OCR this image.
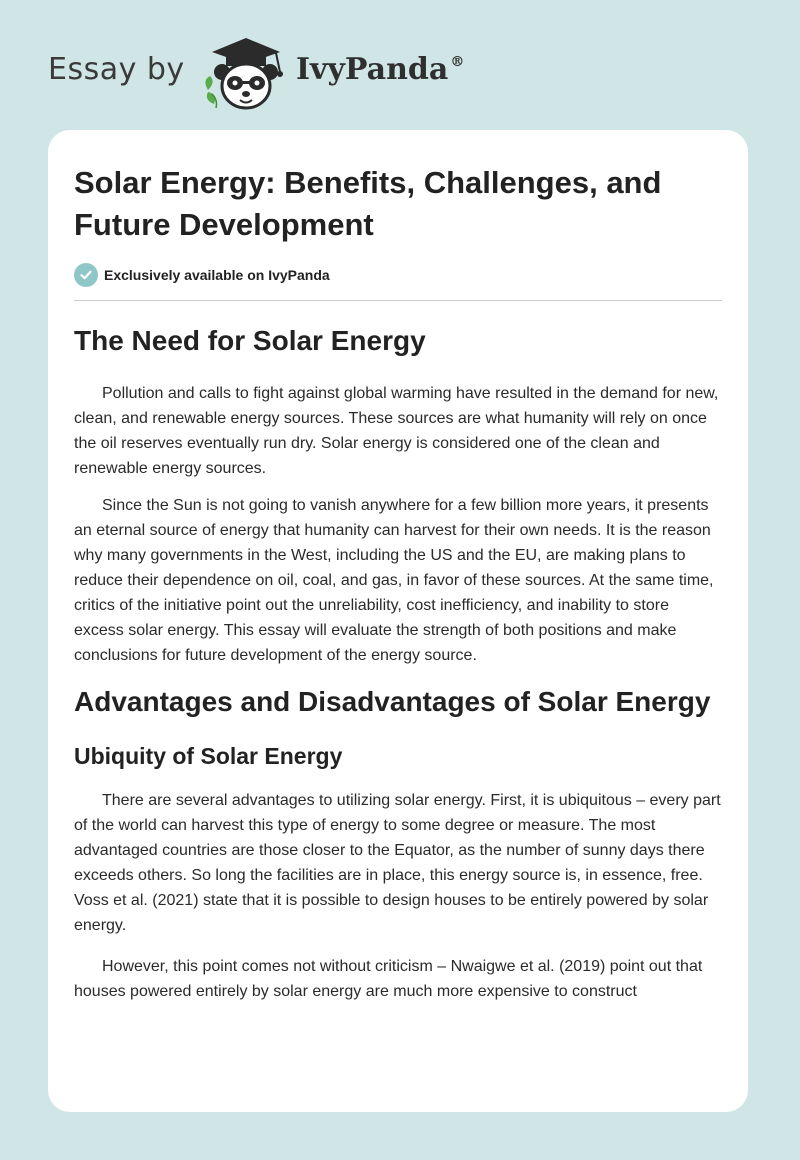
Essay by	IvyPanda ®
Solar Energy: Benefits, Challenges, and Future Development
Exclusively available on IvyPanda
The Need for Solar Energy

Pollution and calls to fight against global warming have resulted in the demand for new, clean, and renewable energy sources. These sources are what humanity will rely on once the oil reserves eventually run dry. Solar energy is considered one of the clean and renewable energy sources.

Since the Sun is not going to vanish anywhere for a few billion more years, it presents an eternal source of energy that humanity can harvest for their own needs. It is the reason why many governments in the West, including the US and the EU, are making plans to reduce their dependence on oil, coal, and gas, in favor of these sources. At the same time, critics of the initiative point out the unreliability, cost inefficiency, and inability to store excess solar energy. This essay will evaluate the strength of both positions and make conclusions for future development of the energy source.

Advantages and Disadvantages of Solar Energy
Ubiquity of Solar Energy

There are several advantages to utilizing solar energy. First, it is ubiquitous – every part of the world can harvest this type of energy to some degree or measure. The most advantaged countries are those closer to the Equator, as the number of sunny days there exceeds others. So long the facilities are in place, this energy source is, in essence, free. Voss et al. (2021) state that it is possible to design houses to be entirely powered by solar energy.

However, this point comes not without criticism – Nwaigwe et al. (2019) point out that houses powered entirely by solar energy are much more expensive to construct
